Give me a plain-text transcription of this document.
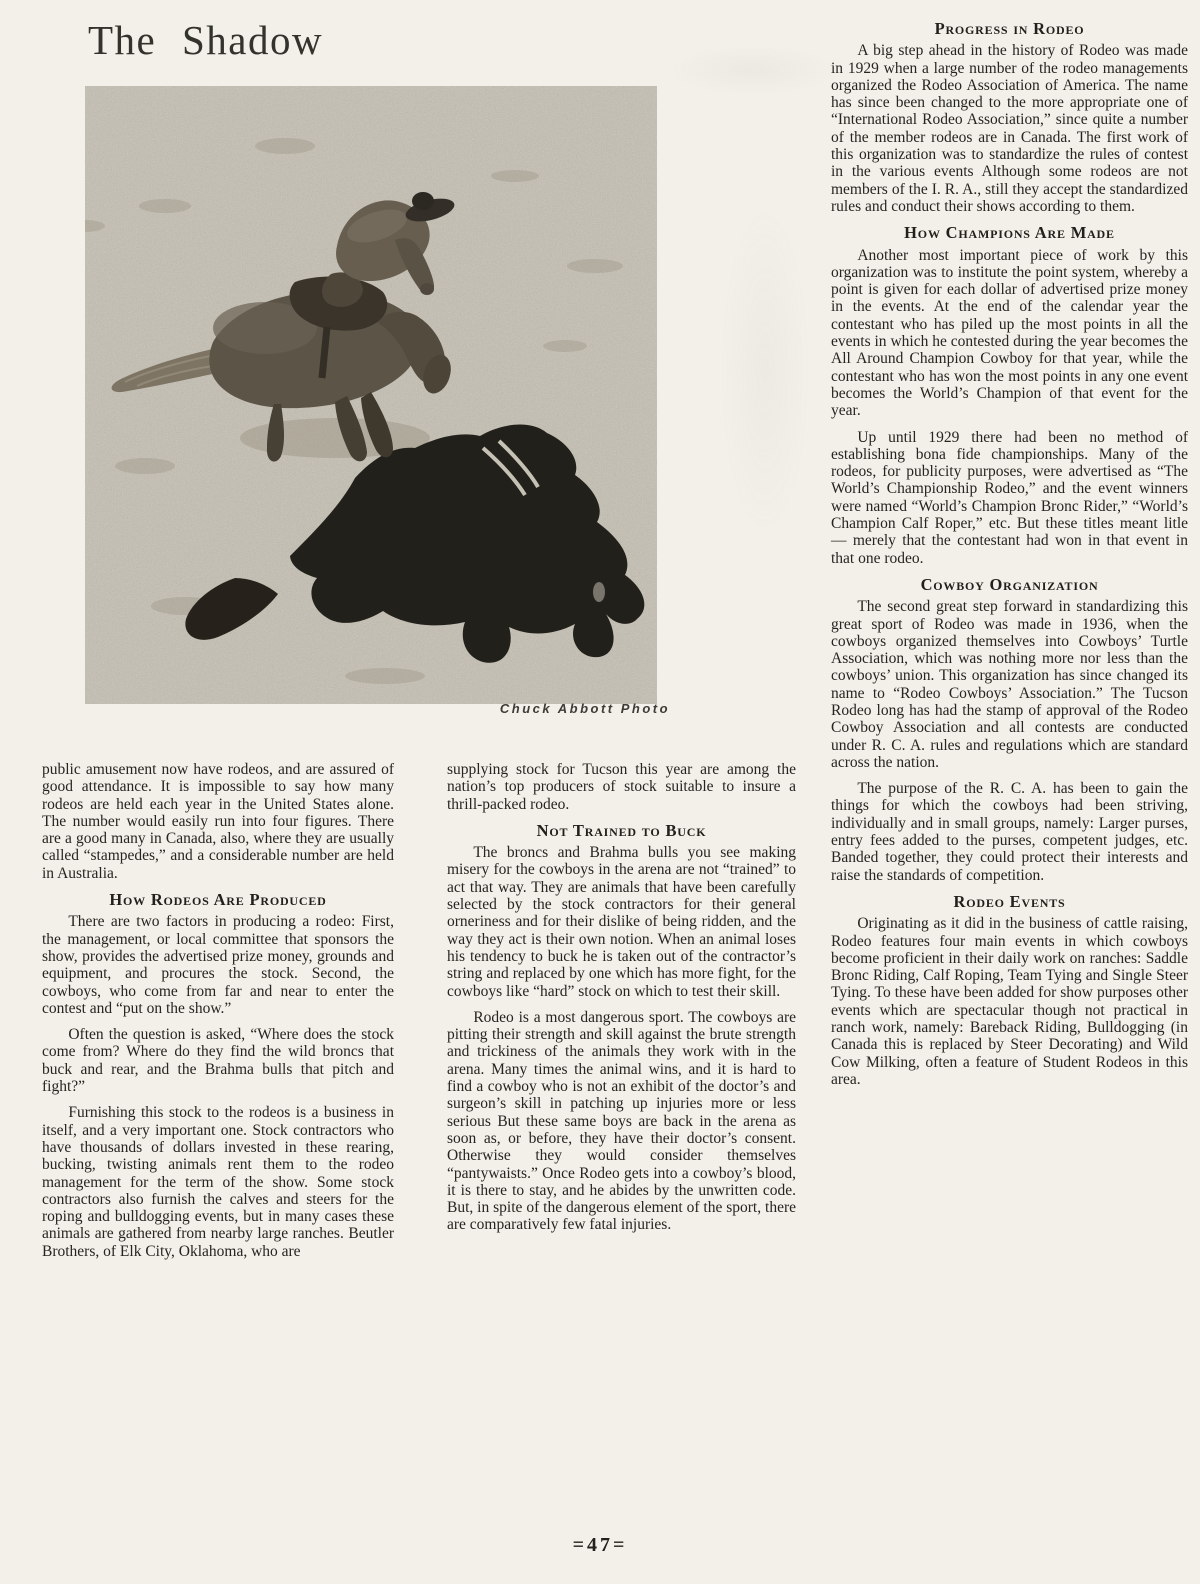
The Shadow
Chuck Abbott Photo

public amusement now have rodeos, and are assured of good attendance. It is impossible to say how many rodeos are held each year in the United States alone. The number would easily run into four figures. There are a good many in Canada, also, where they are usually called “stampedes,” and a considerable number are held in Australia.

How Rodeos Are Produced

There are two factors in producing a rodeo: First, the management, or local committee that sponsors the show, provides the advertised prize money, grounds and equipment, and procures the stock. Second, the cowboys, who come from far and near to enter the contest and “put on the show.”

Often the question is asked, “Where does the stock come from? Where do they find the wild broncs that buck and rear, and the Brahma bulls that pitch and fight?”

Furnishing this stock to the rodeos is a business in itself, and a very important one. Stock contractors who have thousands of dollars invested in these rearing, bucking, twisting animals rent them to the rodeo management for the term of the show. Some stock contractors also furnish the calves and steers for the roping and bulldogging events, but in many cases these animals are gathered from nearby large ranches. Beutler Brothers, of Elk City, Oklahoma, who are

supplying stock for Tucson this year are among the nation’s top producers of stock suitable to insure a thrill-packed rodeo.

Not Trained to Buck

The broncs and Brahma bulls you see making misery for the cowboys in the arena are not “trained” to act that way. They are animals that have been carefully selected by the stock contractors for their general orneriness and for their dislike of being ridden, and the way they act is their own notion. When an animal loses his tendency to buck he is taken out of the contractor’s string and replaced by one which has more fight, for the cowboys like “hard” stock on which to test their skill.

Rodeo is a most dangerous sport. The cowboys are pitting their strength and skill against the brute strength and trickiness of the animals they work with in the arena. Many times the animal wins, and it is hard to find a cowboy who is not an exhibit of the doctor’s and surgeon’s skill in patching up injuries more or less serious But these same boys are back in the arena as soon as, or before, they have their doctor’s consent. Otherwise they would consider themselves “pantywaists.” Once Rodeo gets into a cowboy’s blood, it is there to stay, and he abides by the unwritten code. But, in spite of the dangerous element of the sport, there are comparatively few fatal injuries.

Progress in Rodeo

A big step ahead in the history of Rodeo was made in 1929 when a large number of the rodeo managements organized the Rodeo Association of America. The name has since been changed to the more appropriate one of “International Rodeo Association,” since quite a number of the member rodeos are in Canada. The first work of this organization was to standardize the rules of contest in the various events Although some rodeos are not members of the I. R. A., still they accept the standardized rules and conduct their shows according to them.

How Champions Are Made

Another most important piece of work by this organization was to institute the point system, whereby a point is given for each dollar of advertised prize money in the events. At the end of the calendar year the contestant who has piled up the most points in all the events in which he contested during the year becomes the All Around Champion Cowboy for that year, while the contestant who has won the most points in any one event becomes the World’s Champion of that event for the year.

Up until 1929 there had been no method of establishing bona fide championships. Many of the rodeos, for publicity purposes, were advertised as “The World’s Championship Rodeo,” and the event winners were named “World’s Champion Bronc Rider,” “World’s Champion Calf Roper,” etc. But these titles meant litle — merely that the contestant had won in that event in that one rodeo.

Cowboy Organization

The second great step forward in standardizing this great sport of Rodeo was made in 1936, when the cowboys organized themselves into Cowboys’ Turtle Association, which was nothing more nor less than the cowboys’ union. This organization has since changed its name to “Rodeo Cowboys’ Association.” The Tucson Rodeo long has had the stamp of approval of the Rodeo Cowboy Association and all contests are conducted under R. C. A. rules and regulations which are standard across the nation.

The purpose of the R. C. A. has been to gain the things for which the cowboys had been striving, individually and in small groups, namely: Larger purses, entry fees added to the purses, competent judges, etc. Banded together, they could protect their interests and raise the standards of competition.

Rodeo Events

Originating as it did in the business of cattle raising, Rodeo features four main events in which cowboys become proficient in their daily work on ranches: Saddle Bronc Riding, Calf Roping, Team Tying and Single Steer Tying. To these have been added for show purposes other events which are spectacular though not practical in ranch work, namely: Bareback Riding, Bulldogging (in Canada this is replaced by Steer Decorating) and Wild Cow Milking, often a feature of Student Rodeos in this area.

=47=
